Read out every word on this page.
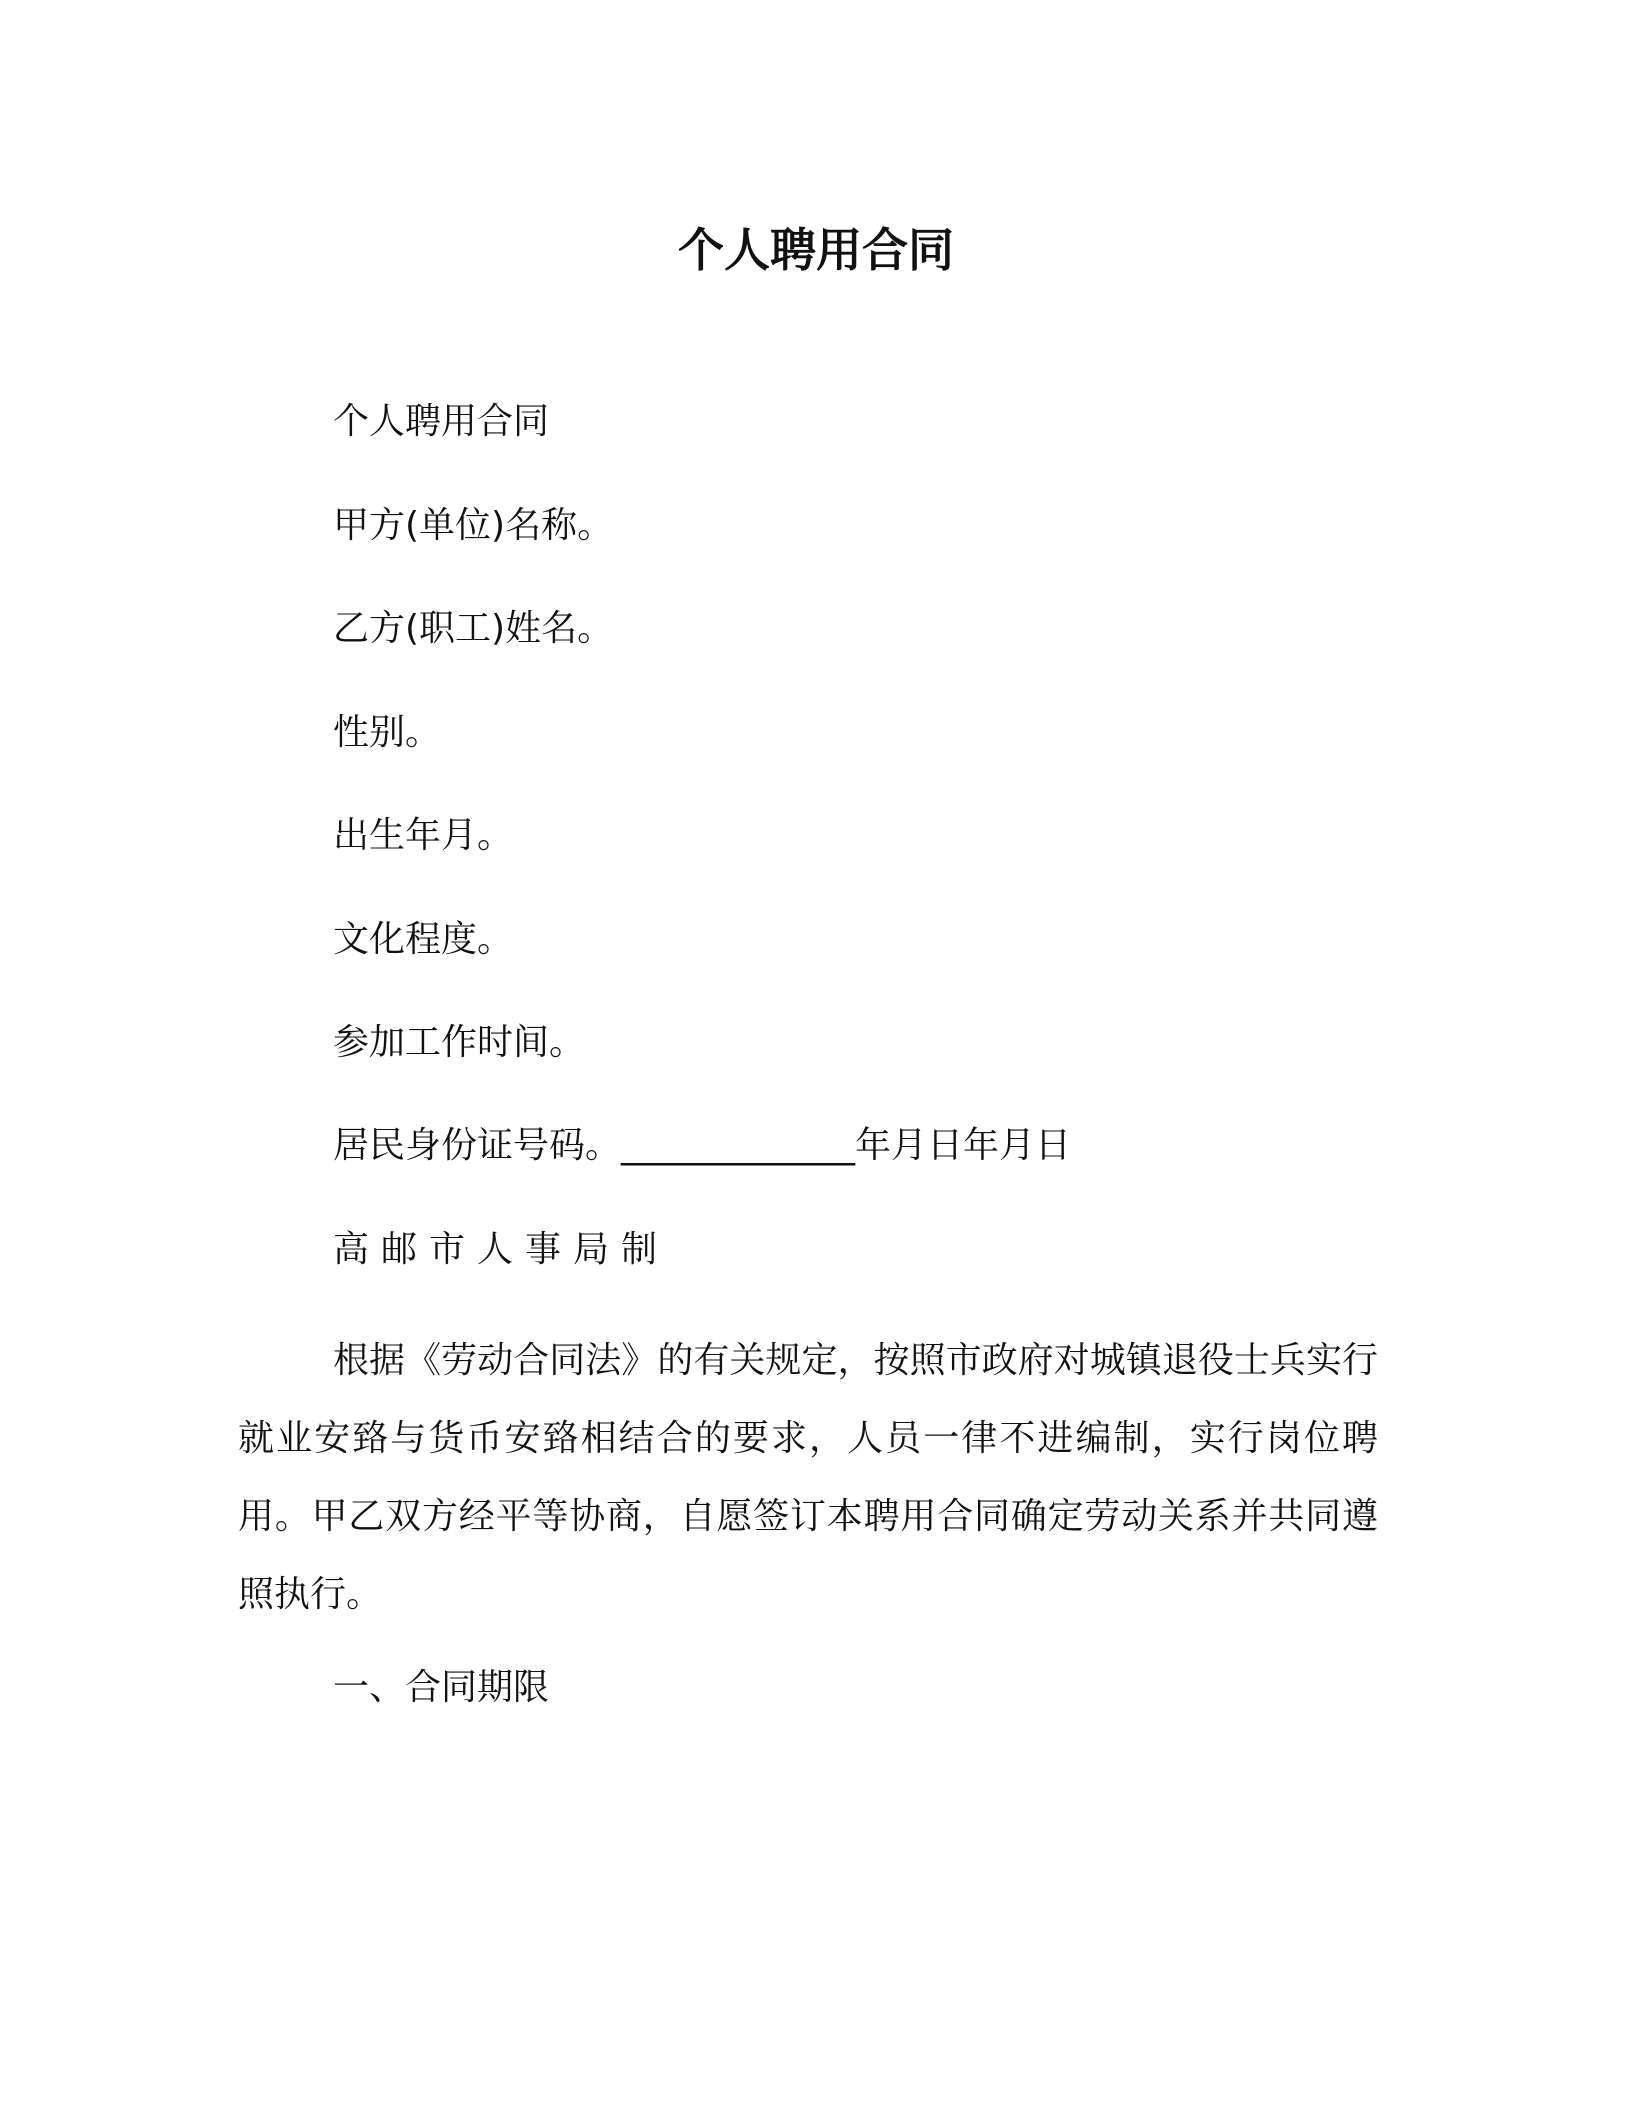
个人聘用合同
个人聘用合同
甲方(单位)名称。
乙方(职工)姓名。
性别。
出生年月。
文化程度。
参加工作时间。
居民身份证号码。_____________年月日年月日
高邮市人事局制
根据《劳动合同法》的有关规定，按照市政府对城镇退役士兵实行就业安臵与货币安臵相结合的要求，人员一律不进编制，实行岗位聘用。甲乙双方经平等协商，自愿签订本聘用合同确定劳动关系并共同遵照执行。
一、合同期限
